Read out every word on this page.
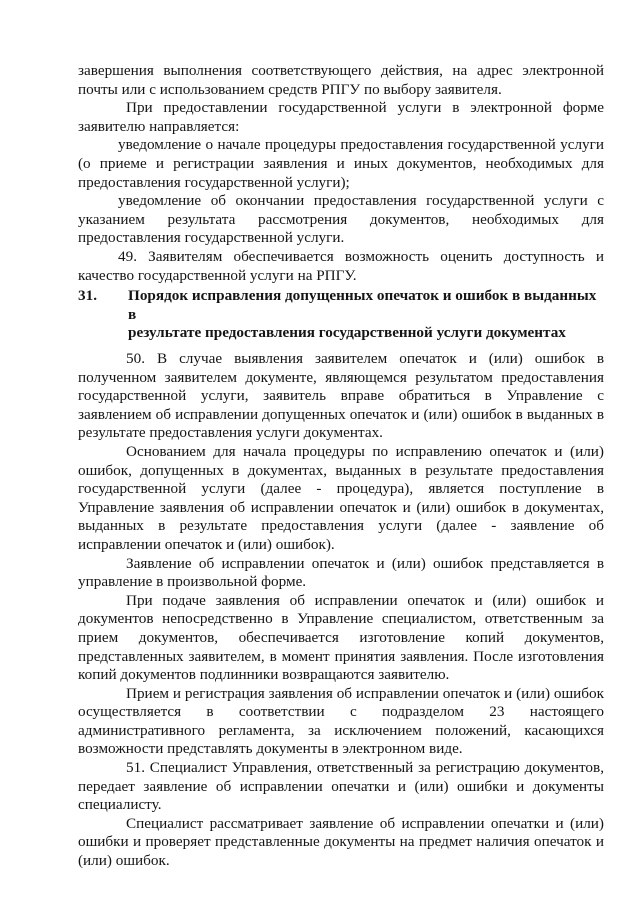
завершения выполнения соответствующего действия, на адрес электронной почты или с использованием средств РПГУ по выбору заявителя.

При предоставлении государственной услуги в электронной форме заявителю направляется:

уведомление о начале процедуры предоставления государственной услуги (о приеме и регистрации заявления и иных документов, необходимых для предоставления государственной услуги);

уведомление об окончании предоставления государственной услуги с указанием результата рассмотрения документов, необходимых для предоставления государственной услуги.

49. Заявителям обеспечивается возможность оценить доступность и качество государственной услуги на РПГУ.

31. Порядок исправления допущенных опечаток и ошибок в выданных в
результате предоставления государственной услуги документах

50. В случае выявления заявителем опечаток и (или) ошибок в полученном заявителем документе, являющемся результатом предоставления государственной услуги, заявитель вправе обратиться в Управление с заявлением об исправлении допущенных опечаток и (или) ошибок в выданных в результате предоставления услуги документах.

Основанием для начала процедуры по исправлению опечаток и (или) ошибок, допущенных в документах, выданных в результате предоставления государственной услуги (далее - процедура), является поступление в Управление заявления об исправлении опечаток и (или) ошибок в документах, выданных в результате предоставления услуги (далее - заявление об исправлении опечаток и (или) ошибок).

Заявление об исправлении опечаток и (или) ошибок представляется в управление в произвольной форме.

При подаче заявления об исправлении опечаток и (или) ошибок и документов непосредственно в Управление специалистом, ответственным за прием документов, обеспечивается изготовление копий документов, представленных заявителем, в момент принятия заявления. После изготовления копий документов подлинники возвращаются заявителю.

Прием и регистрация заявления об исправлении опечаток и (или) ошибок осуществляется в соответствии с подразделом 23 настоящего административного регламента, за исключением положений, касающихся возможности представлять документы в электронном виде.

51. Специалист Управления, ответственный за регистрацию документов, передает заявление об исправлении опечатки и (или) ошибки и документы специалисту.

Специалист рассматривает заявление об исправлении опечатки и (или) ошибки и проверяет представленные документы на предмет наличия опечаток и (или) ошибок.
